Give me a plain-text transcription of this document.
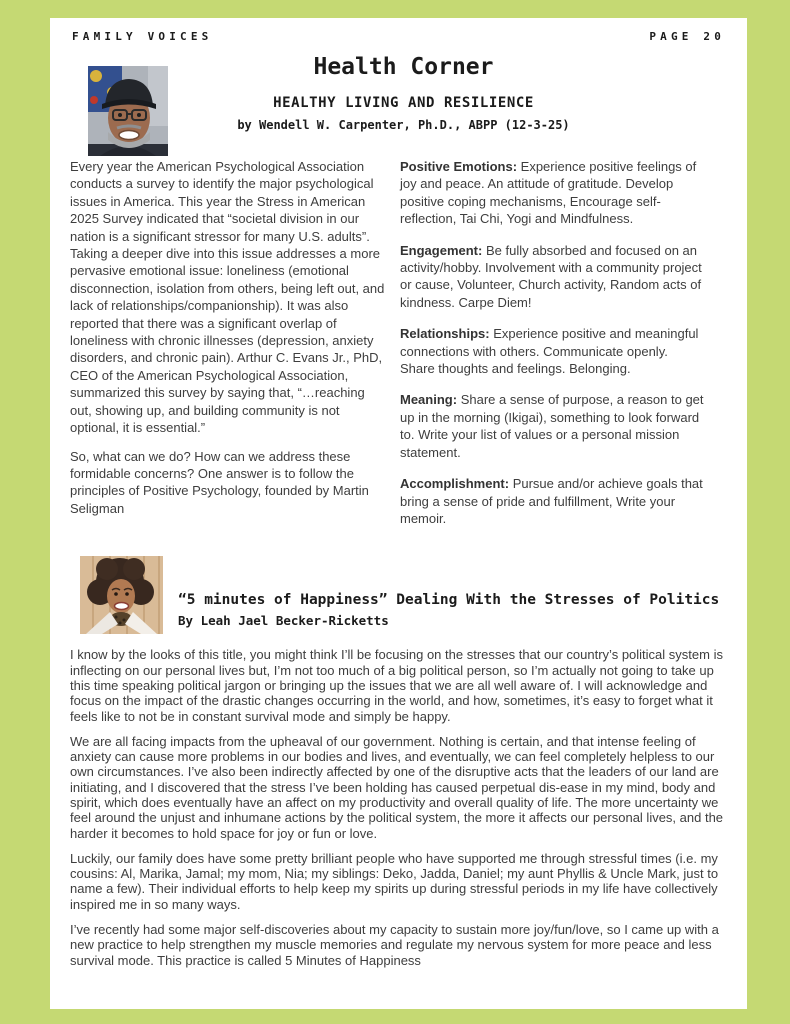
FAMILY VOICES	PAGE 20
Health Corner
HEALTHY LIVING AND RESILIENCE
by Wendell W. Carpenter, Ph.D., ABPP (12-3-25)

Every year the American Psychological Association conducts a survey to identify the major psychological issues in America. This year the Stress in American 2025 Survey indicated that “societal division in our nation is a significant stressor for many U.S. adults”. Taking a deeper dive into this issue addresses a more pervasive emotional issue: loneliness (emotional disconnection, isolation from others, being left out, and lack of relationships/companionship). It was also reported that there was a significant overlap of loneliness with chronic illnesses (depression, anxiety disorders, and chronic pain). Arthur C. Evans Jr., PhD, CEO of the American Psychological Association, summarized this survey by saying that, “…reaching out, showing up, and building community is not optional, it is essential.”

So, what can we do? How can we address these formidable concerns? One answer is to follow the principles of Positive Psychology, founded by Martin Seligman

Positive Emotions: Experience positive feelings of joy and peace. An attitude of gratitude. Develop positive coping mechanisms, Encourage self-reflection, Tai Chi, Yogi and Mindfulness.
Engagement: Be fully absorbed and focused on an activity/hobby. Involvement with a community project or cause, Volunteer, Church activity, Random acts of kindness. Carpe Diem!
Relationships: Experience positive and meaningful connections with others. Communicate openly. Share thoughts and feelings. Belonging.
Meaning: Share a sense of purpose, a reason to get up in the morning (Ikigai), something to look forward to. Write your list of values or a personal mission statement.
Accomplishment: Pursue and/or achieve goals that bring a sense of pride and fulfillment, Write your memoir.
“5 minutes of Happiness” Dealing With the Stresses of Politics
By Leah Jael Becker-Ricketts

I know by the looks of this title, you might think I’ll be focusing on the stresses that our country’s political system is inflecting on our personal lives but, I’m not too much of a big political person, so I’m actually not going to take up this time speaking political jargon or bringing up the issues that we are all well aware of. I will acknowledge and focus on the impact of the drastic changes occurring in the world, and how, sometimes, it’s easy to forget what it feels like to not be in constant survival mode and simply be happy.

We are all facing impacts from the upheaval of our government. Nothing is certain, and that intense feeling of anxiety can cause more problems in our bodies and lives, and eventually, we can feel completely helpless to our own circumstances. I’ve also been indirectly affected by one of the disruptive acts that the leaders of our land are initiating, and I discovered that the stress I’ve been holding has caused perpetual dis-ease in my mind, body and spirit, which does eventually have an affect on my productivity and overall quality of life. The more uncertainty we feel around the unjust and inhumane actions by the political system, the more it affects our personal lives, and the harder it becomes to hold space for joy or fun or love.

Luckily, our family does have some pretty brilliant people who have supported me through stressful times (i.e. my cousins: Al, Marika, Jamal; my mom, Nia; my siblings: Deko, Jadda, Daniel; my aunt Phyllis & Uncle Mark, just to name a few). Their individual efforts to help keep my spirits up during stressful periods in my life have collectively inspired me in so many ways.

I’ve recently had some major self-discoveries about my capacity to sustain more joy/fun/love, so I came up with a new practice to help strengthen my muscle memories and regulate my nervous system for more peace and less survival mode. This practice is called 5 Minutes of Happiness
